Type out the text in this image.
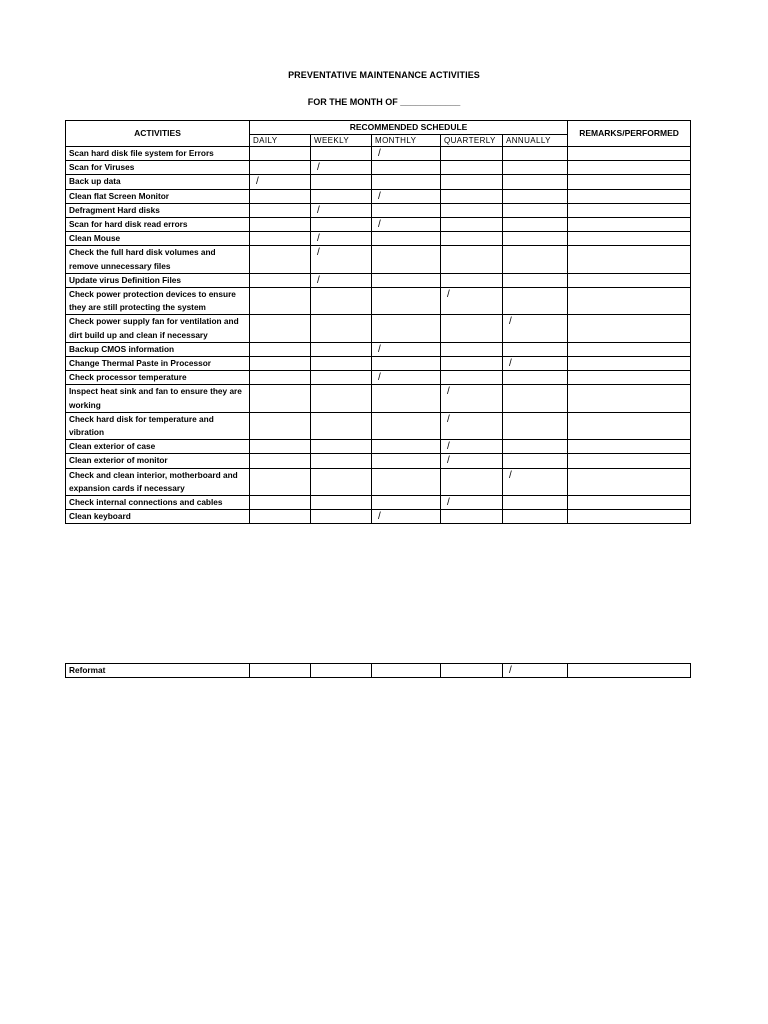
PREVENTATIVE MAINTENANCE ACTIVITIES
FOR THE MONTH OF ____________
ACTIVITIES	RECOMMENDED SCHEDULE					REMARKS/PERFORMED
	DAILY	WEEKLY	MONTHLY	QUARTERLY	ANNUALLY	
Scan hard disk file system for Errors			/			
Scan for Viruses		/				
Back up data	/					
Clean flat Screen Monitor			/			
Defragment Hard disks		/				
Scan for hard disk read errors			/			
Clean Mouse		/				
Check the full hard disk volumes and remove unnecessary files		/				
Update virus Definition Files		/				
Check power protection devices to ensure they are still protecting the system				/		
Check power supply fan for ventilation and dirt build up and clean if necessary					/	
Backup CMOS information			/			
Change Thermal Paste in Processor					/	
Check processor temperature			/			
Inspect heat sink and fan to ensure they are working				/		
Check hard disk for temperature and vibration				/		
Clean exterior of case				/		
Clean exterior of monitor				/		
Check and clean interior, motherboard and expansion cards if necessary					/	
Check internal connections and cables				/		
Clean keyboard			/			
Reformat					/	
